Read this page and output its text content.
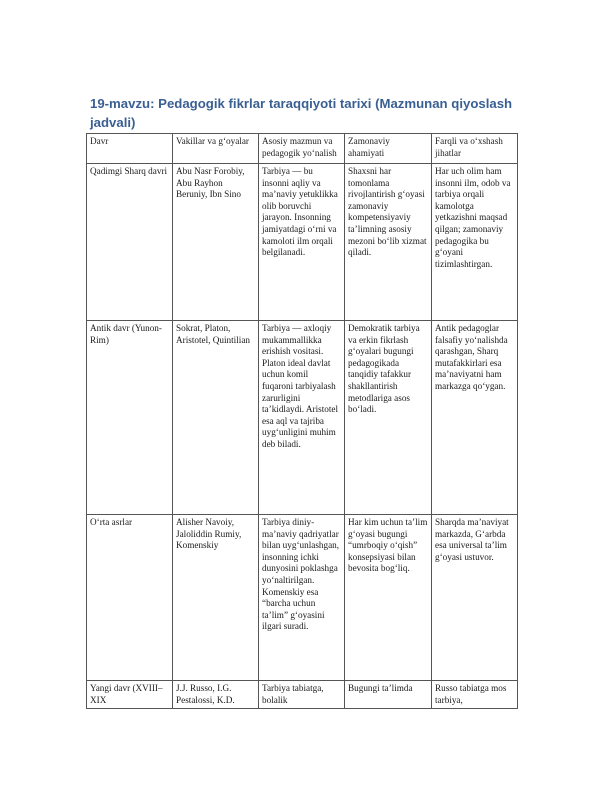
19-mavzu: Pedagogik fikrlar taraqqiyoti tarixi (Mazmunan qiyoslash jadvali)
Davr	Vakillar va g‘oyalar	Asosiy mazmun va pedagogik yo‘nalish	Zamonaviy ahamiyati	Farqli va o‘xshash jihatlar
Qadimgi Sharq davri	Abu Nasr Forobiy, Abu Rayhon Beruniy, Ibn Sino	Tarbiya — bu insonni aqliy va ma’naviy yetuklikka olib boruvchi jarayon. Insonning jamiyatdagi o‘rni va kamoloti ilm orqali belgilanadi.	Shaxsni har tomonlama rivojlantirish g‘oyasi zamonaviy kompetensiyaviy ta’limning asosiy mezoni bo‘lib xizmat qiladi.	Har uch olim ham insonni ilm, odob va tarbiya orqali kamolotga yetkazishni maqsad qilgan; zamonaviy pedagogika bu g‘oyani tizimlashtirgan.
Antik davr (Yunon-Rim)	Sokrat, Platon, Aristotel, Quintilian	Tarbiya — axloqiy mukammallikka erishish vositasi. Platon ideal davlat uchun komil fuqaroni tarbiyalash zarurligini ta’kidlaydi. Aristotel esa aql va tajriba uyg‘unligini muhim deb biladi.	Demokratik tarbiya va erkin fikrlash g‘oyalari bugungi pedagogikada tanqidiy tafakkur shakllantirish metodlariga asos bo‘ladi.	Antik pedagoglar falsafiy yo‘nalishda qarashgan, Sharq mutafakkirlari esa ma’naviyatni ham markazga qo‘ygan.
O‘rta asrlar	Alisher Navoiy, Jaloliddin Rumiy, Komenskiy	Tarbiya diniy-ma’naviy qadriyatlar bilan uyg‘unlashgan, insonning ichki dunyosini poklashga yo‘naltirilgan. Komenskiy esa “barcha uchun ta’lim” g‘oyasini ilgari suradi.	Har kim uchun ta’lim g‘oyasi bugungi “umrboqiy o‘qish” konsepsiyasi bilan bevosita bog‘liq.	Sharqda ma’naviyat markazda, G‘arbda esa universal ta’lim g‘oyasi ustuvor.
Yangi davr (XVIII–XIX	J.J. Russo, I.G. Pestalossi, K.D.	Tarbiya tabiatga, bolalik	Bugungi ta’limda	Russo tabiatga mos tarbiya,
